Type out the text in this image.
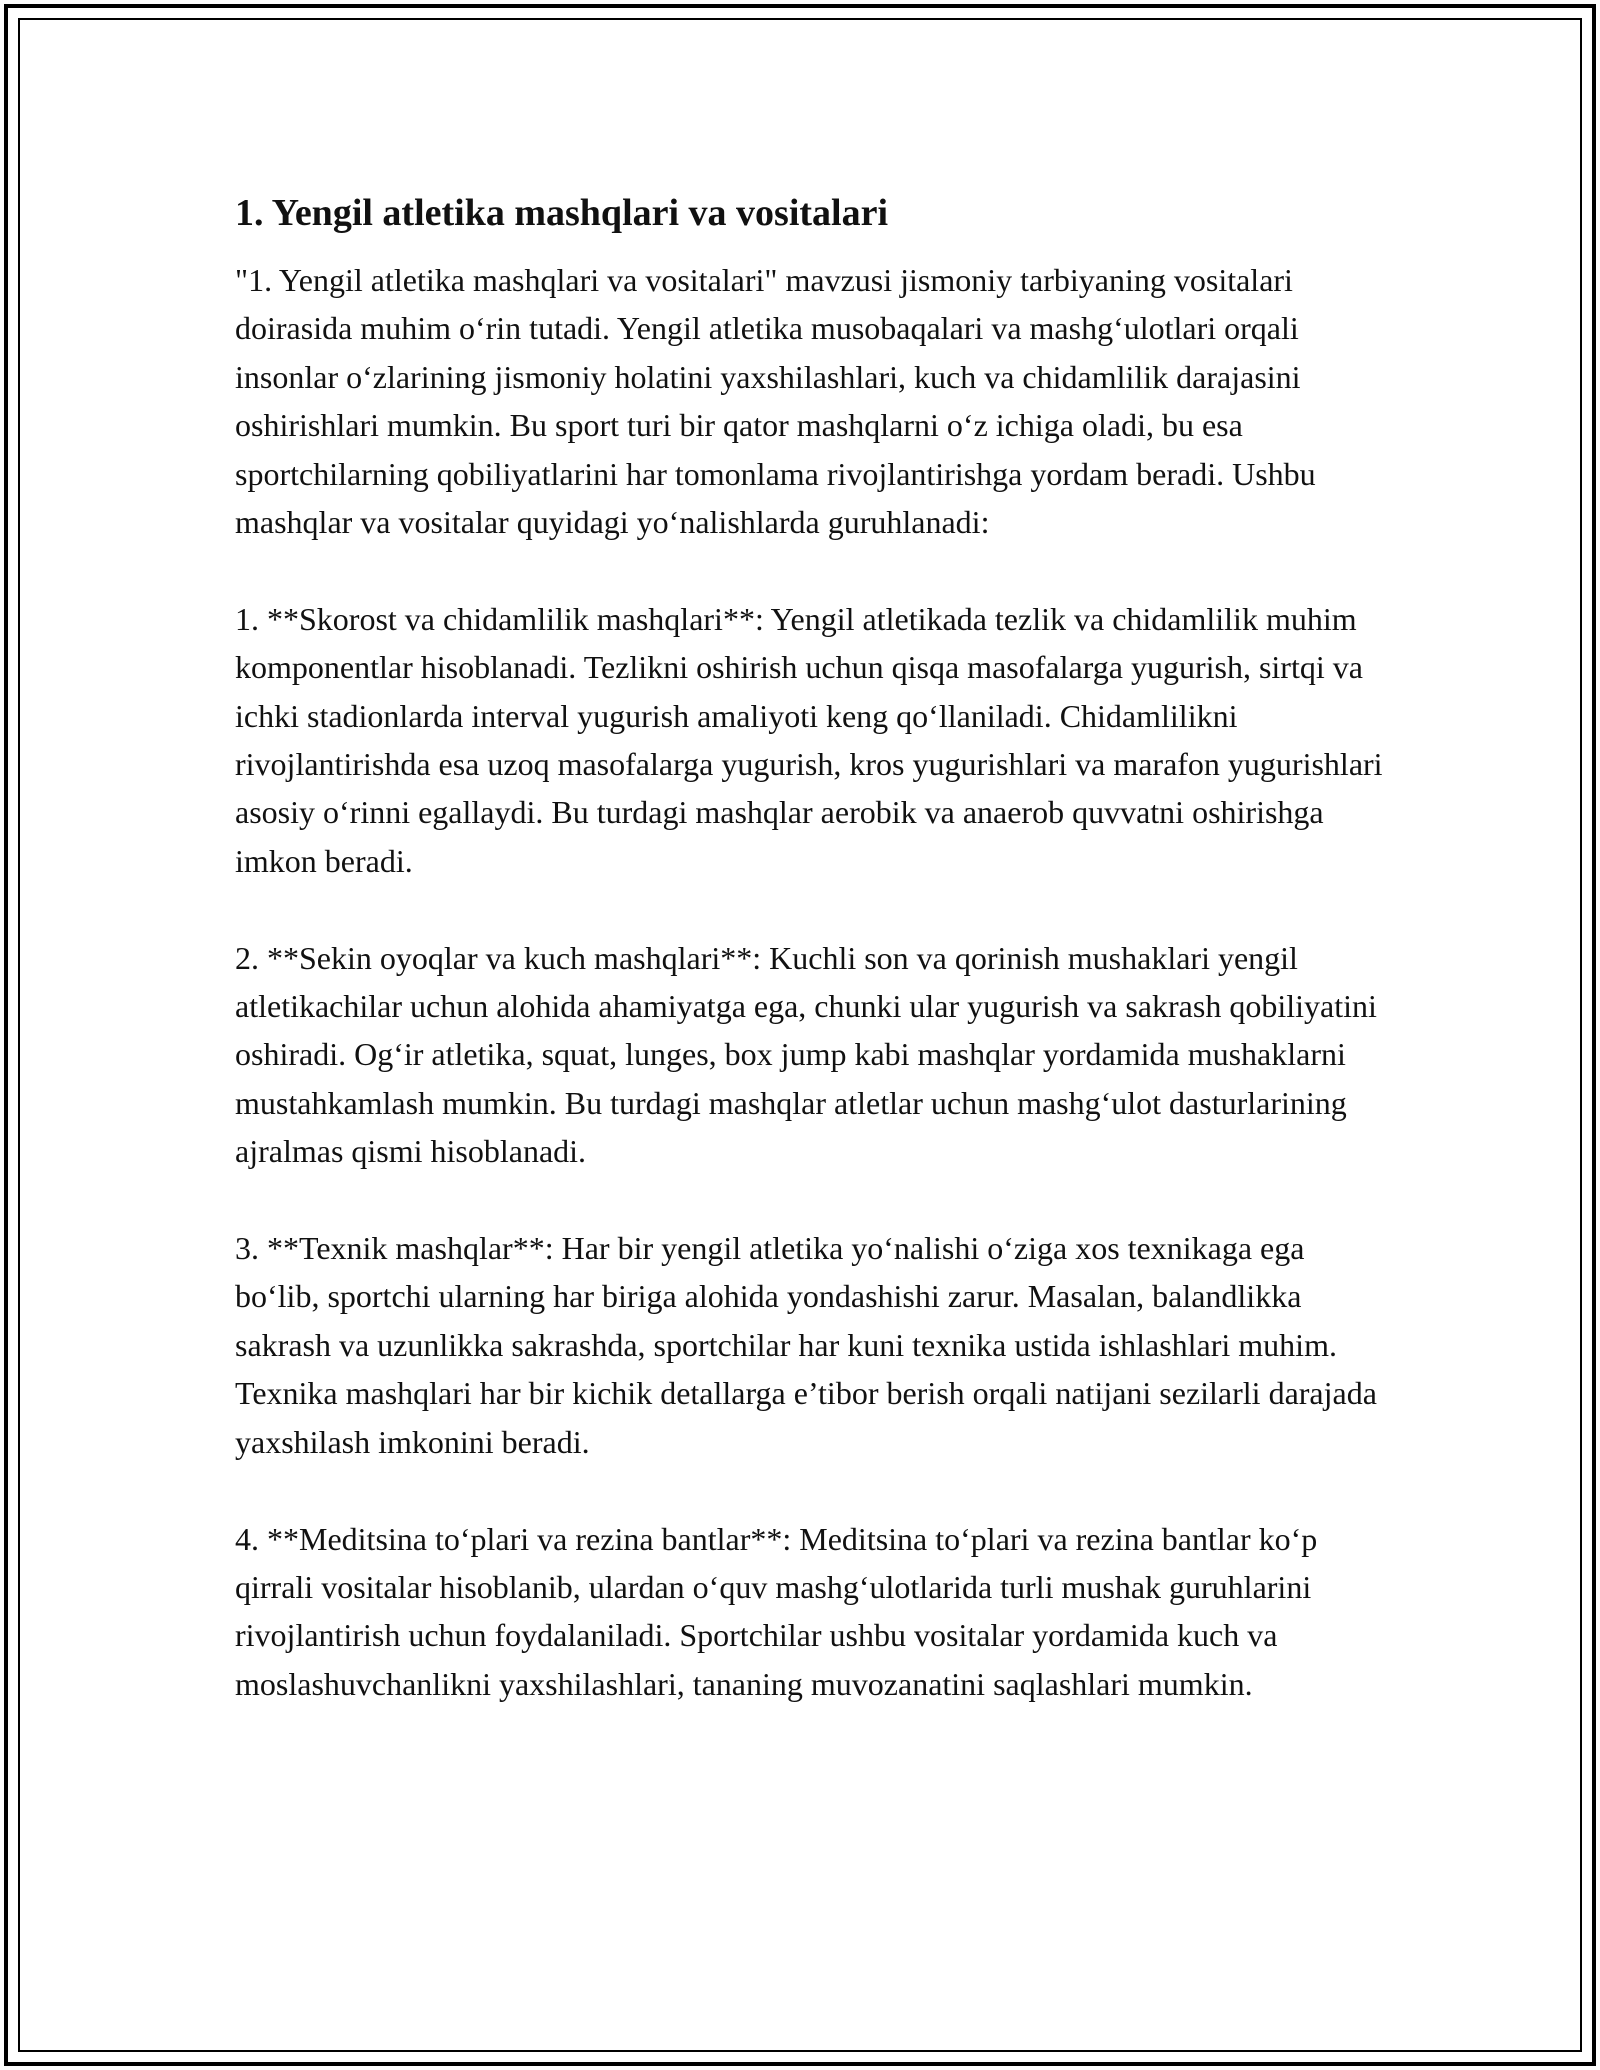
1. Yengil atletika mashqlari va vositalari

"1. Yengil atletika mashqlari va vositalari" mavzusi jismoniy tarbiyaning vositalari doirasida muhim o‘rin tutadi. Yengil atletika musobaqalari va mashg‘ulotlari orqali insonlar o‘zlarining jismoniy holatini yaxshilashlari, kuch va chidamlilik darajasini oshirishlari mumkin. Bu sport turi bir qator mashqlarni o‘z ichiga oladi, bu esa sportchilarning qobiliyatlarini har tomonlama rivojlantirishga yordam beradi. Ushbu mashqlar va vositalar quyidagi yo‘nalishlarda guruhlanadi:

1. **Skorost va chidamlilik mashqlari**: Yengil atletikada tezlik va chidamlilik muhim komponentlar hisoblanadi. Tezlikni oshirish uchun qisqa masofalarga yugurish, sirtqi va ichki stadionlarda interval yugurish amaliyoti keng qo‘llaniladi. Chidamlilikni rivojlantirishda esa uzoq masofalarga yugurish, kros yugurishlari va marafon yugurishlari asosiy o‘rinni egallaydi. Bu turdagi mashqlar aerobik va anaerob quvvatni oshirishga imkon beradi.

2. **Sekin oyoqlar va kuch mashqlari**: Kuchli son va qorinish mushaklari yengil atletikachilar uchun alohida ahamiyatga ega, chunki ular yugurish va sakrash qobiliyatini oshiradi. Og‘ir atletika, squat, lunges, box jump kabi mashqlar yordamida mushaklarni mustahkamlash mumkin. Bu turdagi mashqlar atletlar uchun mashg‘ulot dasturlarining ajralmas qismi hisoblanadi.

3. **Texnik mashqlar**: Har bir yengil atletika yo‘nalishi o‘ziga xos texnikaga ega bo‘lib, sportchi ularning har biriga alohida yondashishi zarur. Masalan, balandlikka sakrash va uzunlikka sakrashda, sportchilar har kuni texnika ustida ishlashlari muhim. Texnika mashqlari har bir kichik detallarga e’tibor berish orqali natijani sezilarli darajada yaxshilash imkonini beradi.

4. **Meditsina to‘plari va rezina bantlar**: Meditsina to‘plari va rezina bantlar ko‘p qirrali vositalar hisoblanib, ulardan o‘quv mashg‘ulotlarida turli mushak guruhlarini rivojlantirish uchun foydalaniladi. Sportchilar ushbu vositalar yordamida kuch va moslashuvchanlikni yaxshilashlari, tananing muvozanatini saqlashlari mumkin.
